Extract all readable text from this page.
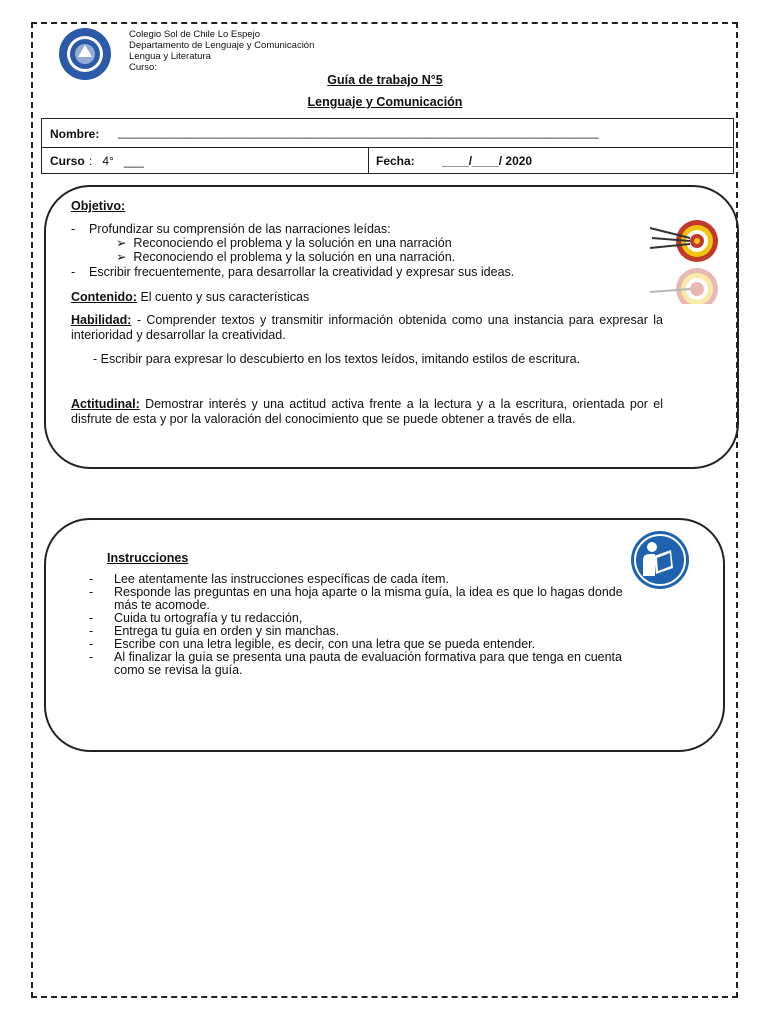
Colegio Sol de Chile Lo Espejo
Departamento de Lenguaje y Comunicación
Lengua y Literatura
Curso:
Guía de trabajo N°5
Lenguaje y Comunicación
Nombre: ________________________________________________________________________
Curso :   4°   ___	Fecha: ____/____/ 2020
Objetivo:
-    Profundizar su comprensión de las narraciones leídas:
➢  Reconociendo el problema y la solución en una narración
➢  Reconociendo el problema y la solución en una narración.
-    Escribir frecuentemente, para desarrollar la creatividad y expresar sus ideas.
Contenido: El cuento y sus características
Habilidad: - Comprender textos y transmitir información obtenida como una instancia para expresar la interioridad y desarrollar la creatividad.
- Escribir para expresar lo descubierto en los textos leídos, imitando estilos de escritura.
Actitudinal: Demostrar interés y una actitud activa frente a la lectura y a la escritura, orientada por el disfrute de esta y por la valoración del conocimiento que se puede obtener a través de ella.
Instrucciones
-	Lee atentamente las instrucciones específicas de cada ítem.
-	Responde las preguntas en una hoja aparte o la misma guía, la idea es que lo hagas donde más te acomode.
-	Cuida tu ortografía y tu redacción,
-	Entrega tu guía en orden y sin manchas.
-	Escribe con una letra legible, es decir, con una letra que se pueda entender.
-	Al finalizar la guía se presenta una pauta de evaluación formativa para que tenga en cuenta como se revisa la guía.
